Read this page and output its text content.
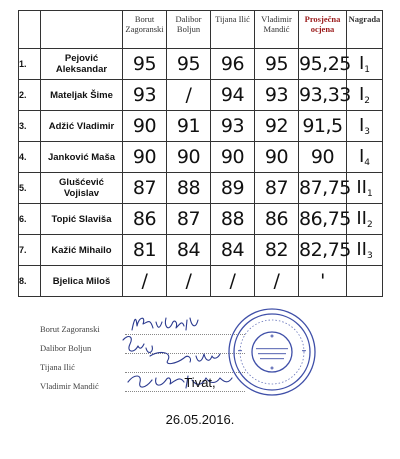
		Borut Zagoranski	Dalibor Boljun	Tijana Ilić	Vladimir Mandić	Prosječna ocjena	Nagrada
1.	Pejović Aleksandar	95	95	96	95	95,25	$I_1$
2.	Mateljak Šime	93	/	94	93	93,33	$I_2$
3.	Adžić Vladimir	90	91	93	92	91,5	$I_3$
4.	Janković Maša	90	90	90	90	90	$I_4$
5.	Glušćević Vojislav	87	88	89	87	87,75	$II_1$
6.	Topić Slaviša	86	87	88	86	86,75	$II_2$
7.	Kažić Mihailo	81	84	84	82	82,75	$II_3$
8.	Bjelica Miloš	/	/	/	/	'	
Borut Zagoranski
Dalibor Boljun
Tijana Ilić
Vladimir Mandić	Tivat,
26.05.2016.
